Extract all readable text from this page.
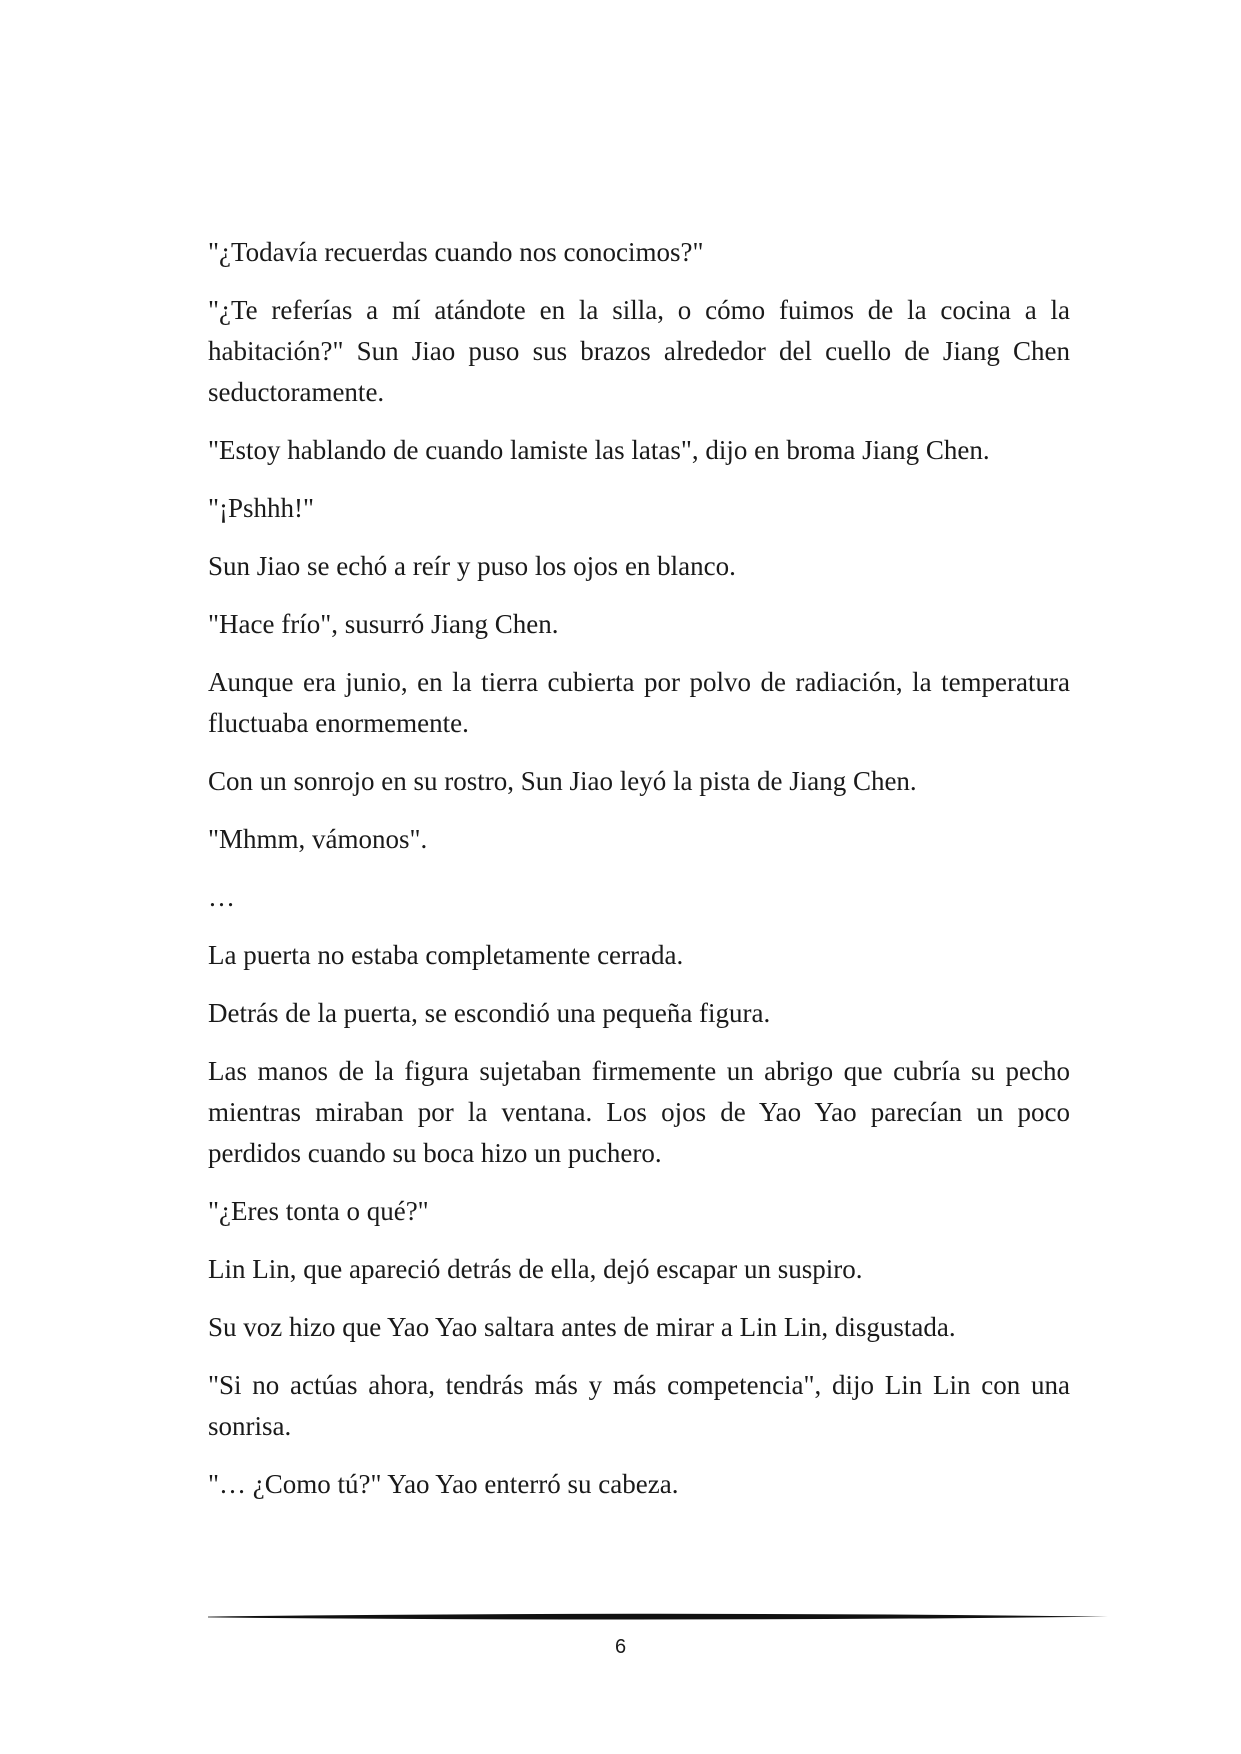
"¿Todavía recuerdas cuando nos conocimos?"

"¿Te referías a mí atándote en la silla, o cómo fuimos de la cocina a la habitación?" Sun Jiao puso sus brazos alrededor del cuello de Jiang Chen seductoramente.

"Estoy hablando de cuando lamiste las latas", dijo en broma Jiang Chen.

"¡Pshhh!"

Sun Jiao se echó a reír y puso los ojos en blanco.

"Hace frío", susurró Jiang Chen.

Aunque era junio, en la tierra cubierta por polvo de radiación, la temperatura fluctuaba enormemente.

Con un sonrojo en su rostro, Sun Jiao leyó la pista de Jiang Chen.

"Mhmm, vámonos".

…

La puerta no estaba completamente cerrada.

Detrás de la puerta, se escondió una pequeña figura.

Las manos de la figura sujetaban firmemente un abrigo que cubría su pecho mientras miraban por la ventana. Los ojos de Yao Yao parecían un poco perdidos cuando su boca hizo un puchero.

"¿Eres tonta o qué?"

Lin Lin, que apareció detrás de ella, dejó escapar un suspiro.

Su voz hizo que Yao Yao saltara antes de mirar a Lin Lin, disgustada.

"Si no actúas ahora, tendrás más y más competencia", dijo Lin Lin con una sonrisa.

"… ¿Como tú?" Yao Yao enterró su cabeza.

6
